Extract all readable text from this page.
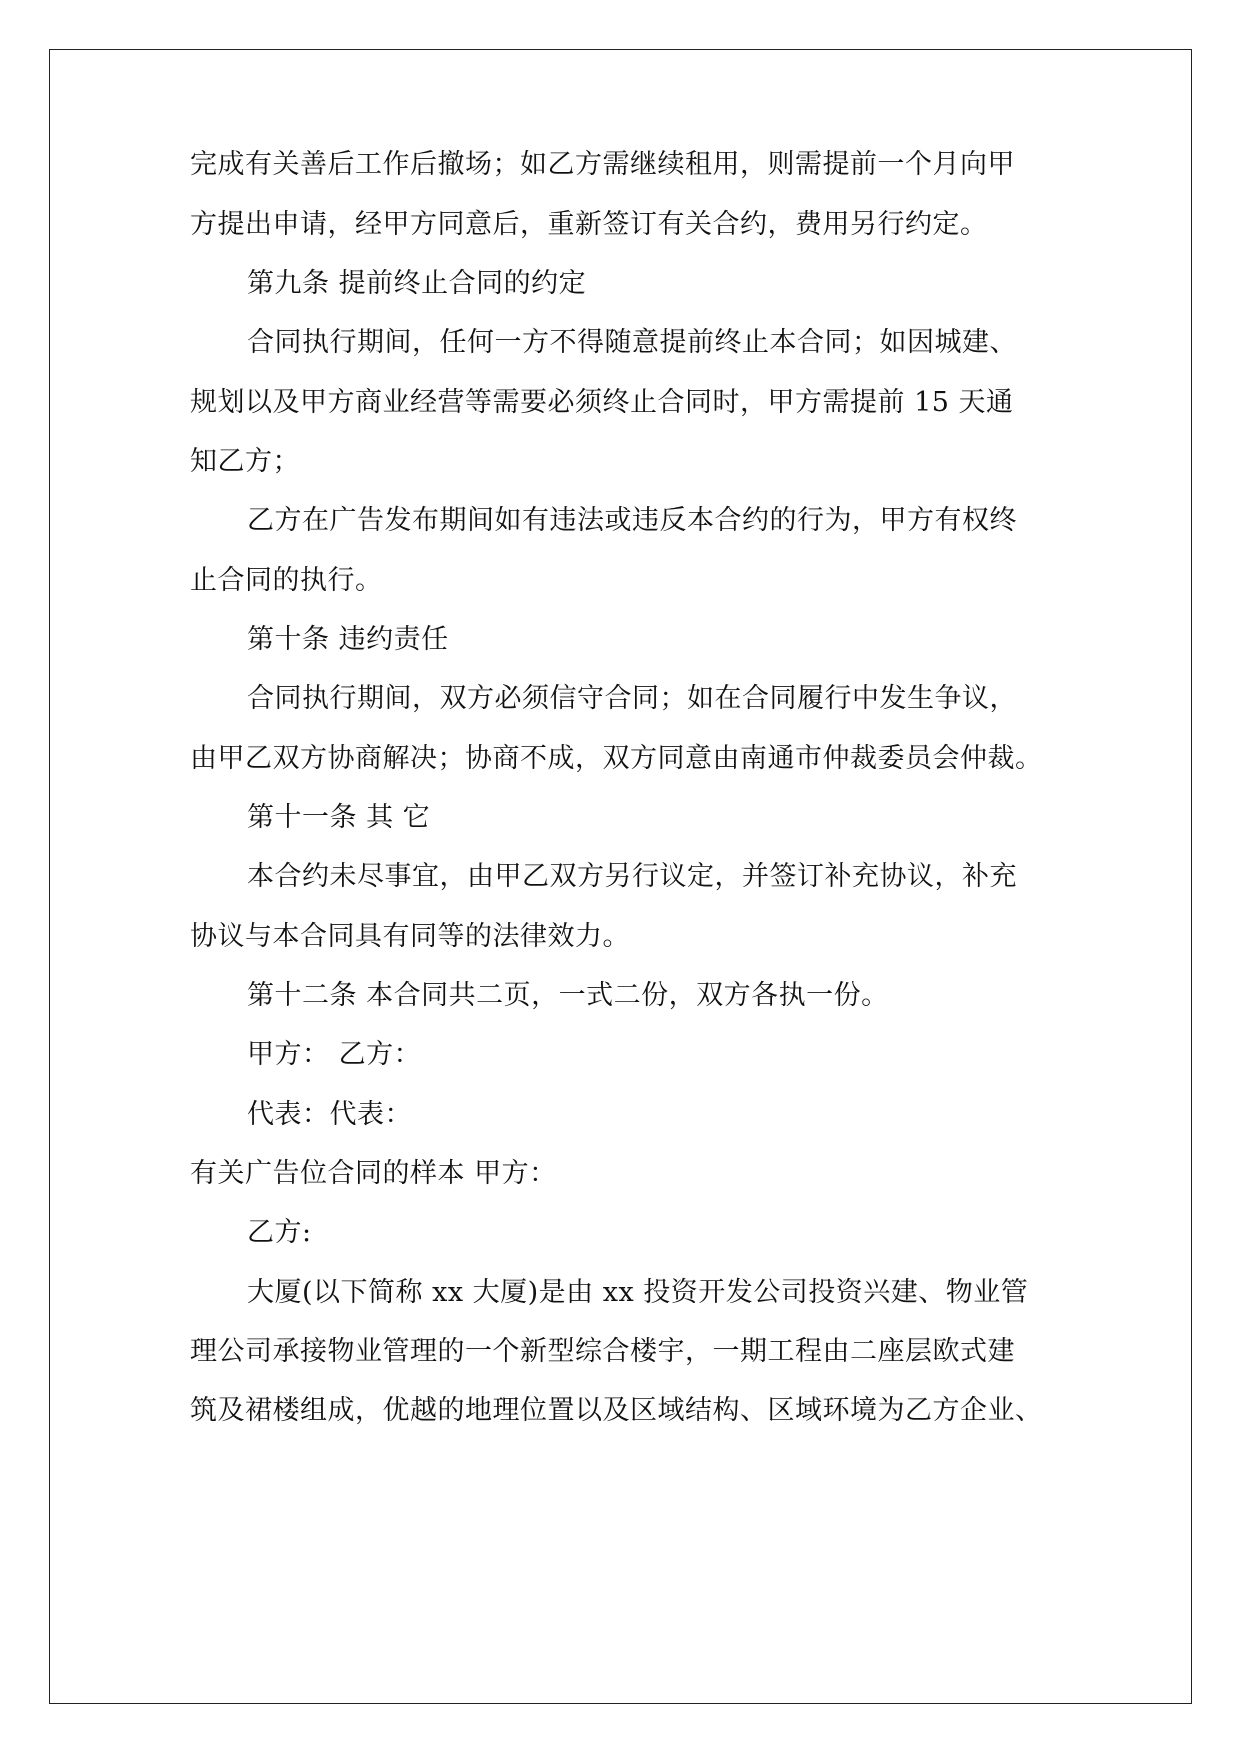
完成有关善后工作后撤场；如乙方需继续租用，则需提前一个月向甲
方提出申请，经甲方同意后，重新签订有关合约，费用另行约定。
第九条 提前终止合同的约定
合同执行期间，任何一方不得随意提前终止本合同；如因城建、
规划以及甲方商业经营等需要必须终止合同时，甲方需提前 15 天通
知乙方；
乙方在广告发布期间如有违法或违反本合约的行为，甲方有权终
止合同的执行。
第十条 违约责任
合同执行期间，双方必须信守合同；如在合同履行中发生争议，
由甲乙双方协商解决；协商不成，双方同意由南通市仲裁委员会仲裁。
第十一条 其 它
本合约未尽事宜，由甲乙双方另行议定，并签订补充协议，补充
协议与本合同具有同等的法律效力。
第十二条 本合同共二页，一式二份，双方各执一份。
甲方： 乙方：
代表：代表：
有关广告位合同的样本 甲方：
乙方:
大厦(以下简称 xx 大厦)是由 xx 投资开发公司投资兴建、物业管
理公司承接物业管理的一个新型综合楼宇，一期工程由二座层欧式建
筑及裙楼组成，优越的地理位置以及区域结构、区域环境为乙方企业、
